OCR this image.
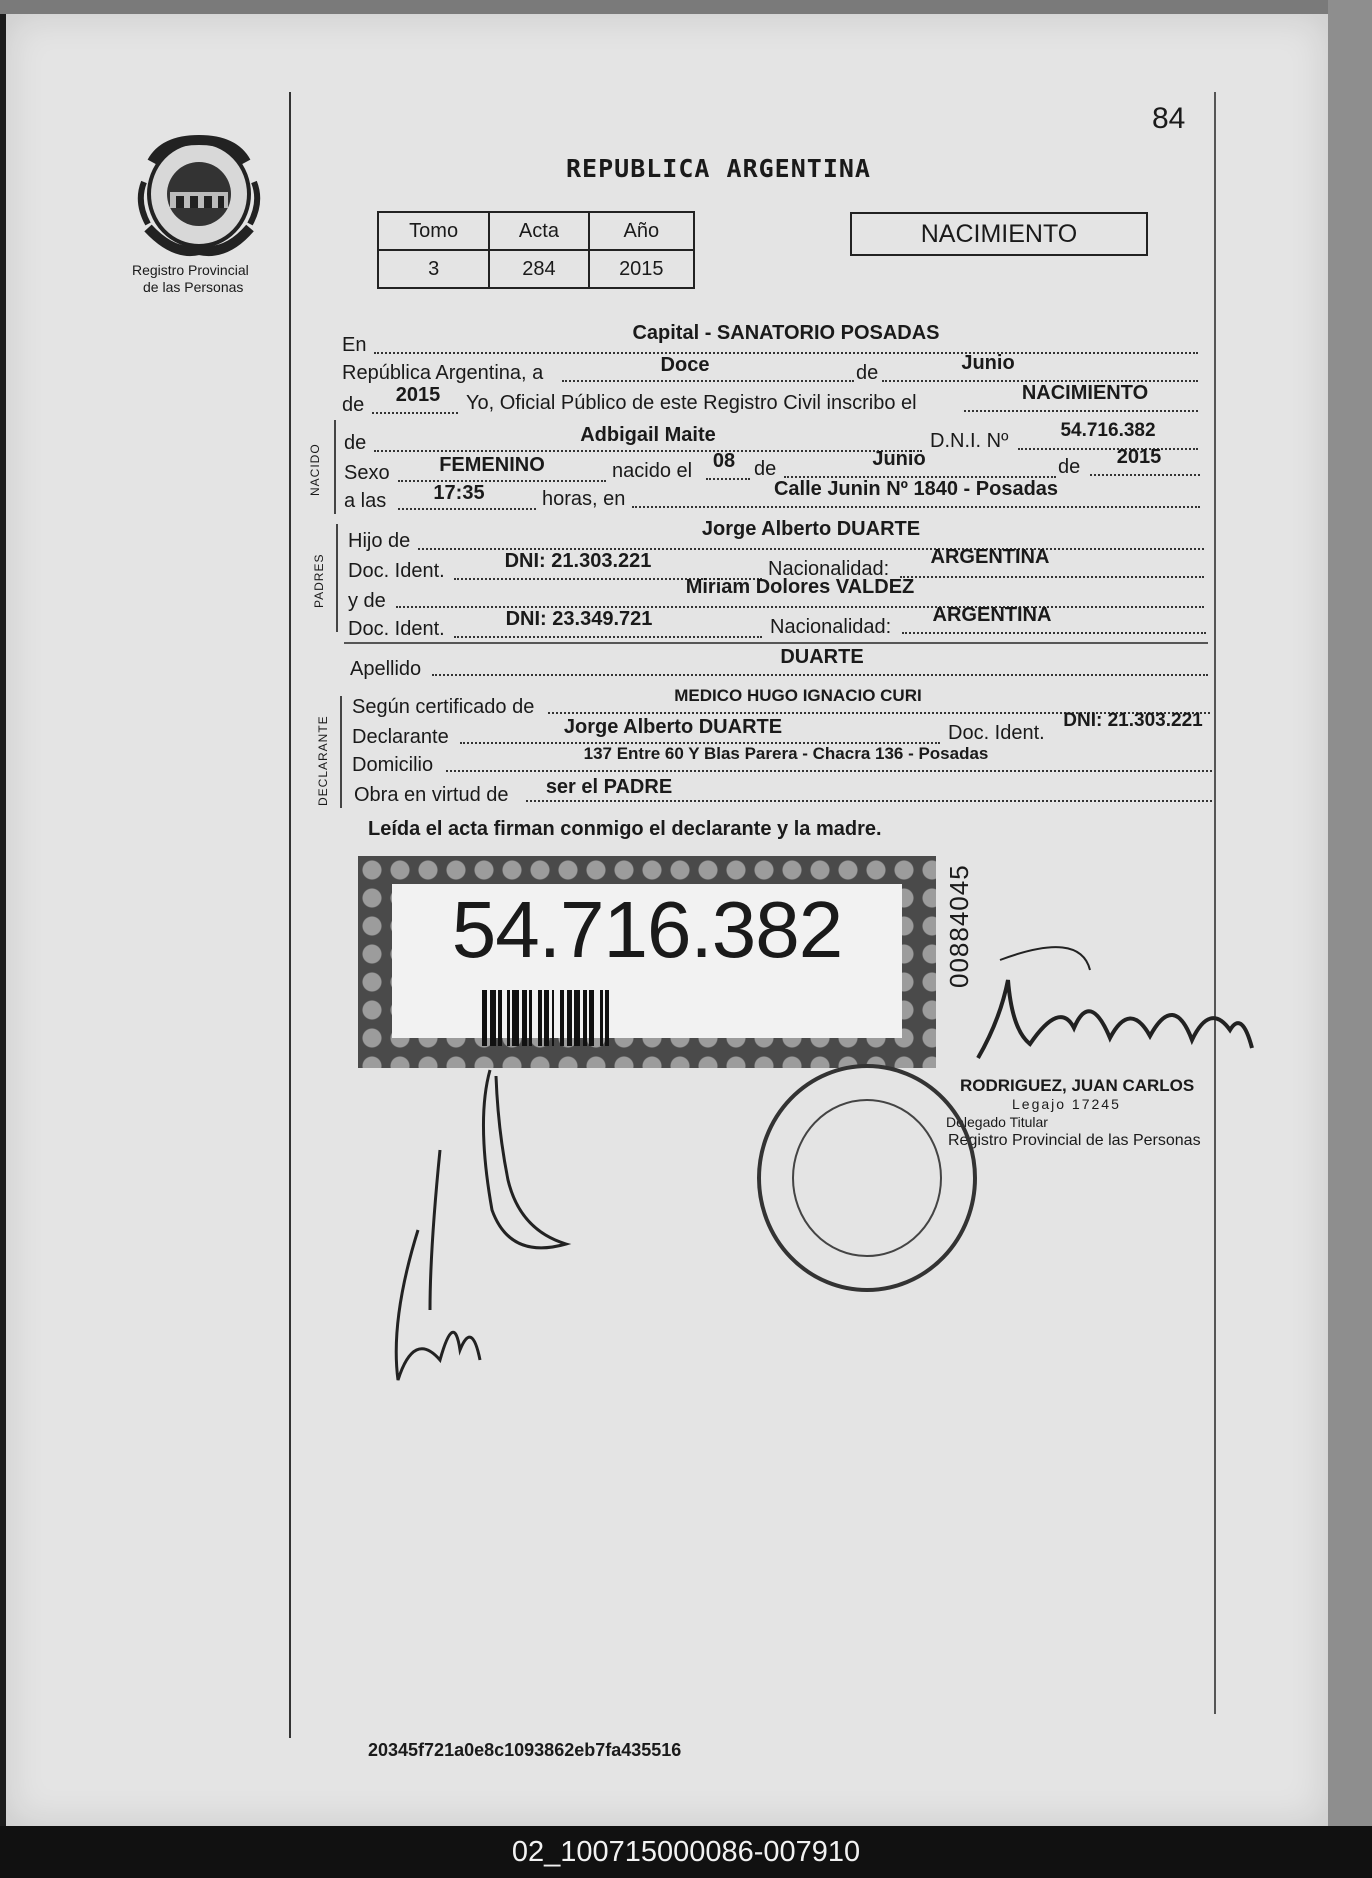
Registro Provincial
de las Personas
REPUBLICA ARGENTINA
84
Tomo	Acta	Año
3	284	2015
NACIMIENTO
En
Capital - SANATORIO POSADAS
República Argentina, a	Doce	de	Junio
de	2015	Yo, Oficial Público de este Registro Civil inscribo el	NACIMIENTO
NACIDO
de	Adbigail Maite	D.N.I. Nº	54.716.382
Sexo	FEMENINO	nacido el	08 de	Junio	de	2015
a las	17:35	horas, en	Calle Junin Nº 1840 - Posadas
PADRES
Hijo de
Jorge Alberto DUARTE
Doc. Ident.	DNI: 21.303.221	Nacionalidad:
ARGENTINA
y de
Miriam Dolores VALDEZ
Doc. Ident.	DNI: 23.349.721	Nacionalidad:
ARGENTINA
Apellido
DUARTE
DECLARANTE
Según certificado de
MEDICO HUGO IGNACIO CURI
Declarante	Jorge Alberto DUARTE	Doc. Ident.
DNI: 21.303.221
Domicilio
137 Entre 60 Y Blas Parera - Chacra 136 - Posadas
Obra en virtud de	ser el PADRE
Leída el acta firman conmigo el declarante y la madre.
54.716.382	00884045
RODRIGUEZ, JUAN CARLOS
Legajo 17245
Delegado Titular
Registro Provincial de las Personas
20345f721a0e8c1093862eb7fa435516
02_100715000086-007910
